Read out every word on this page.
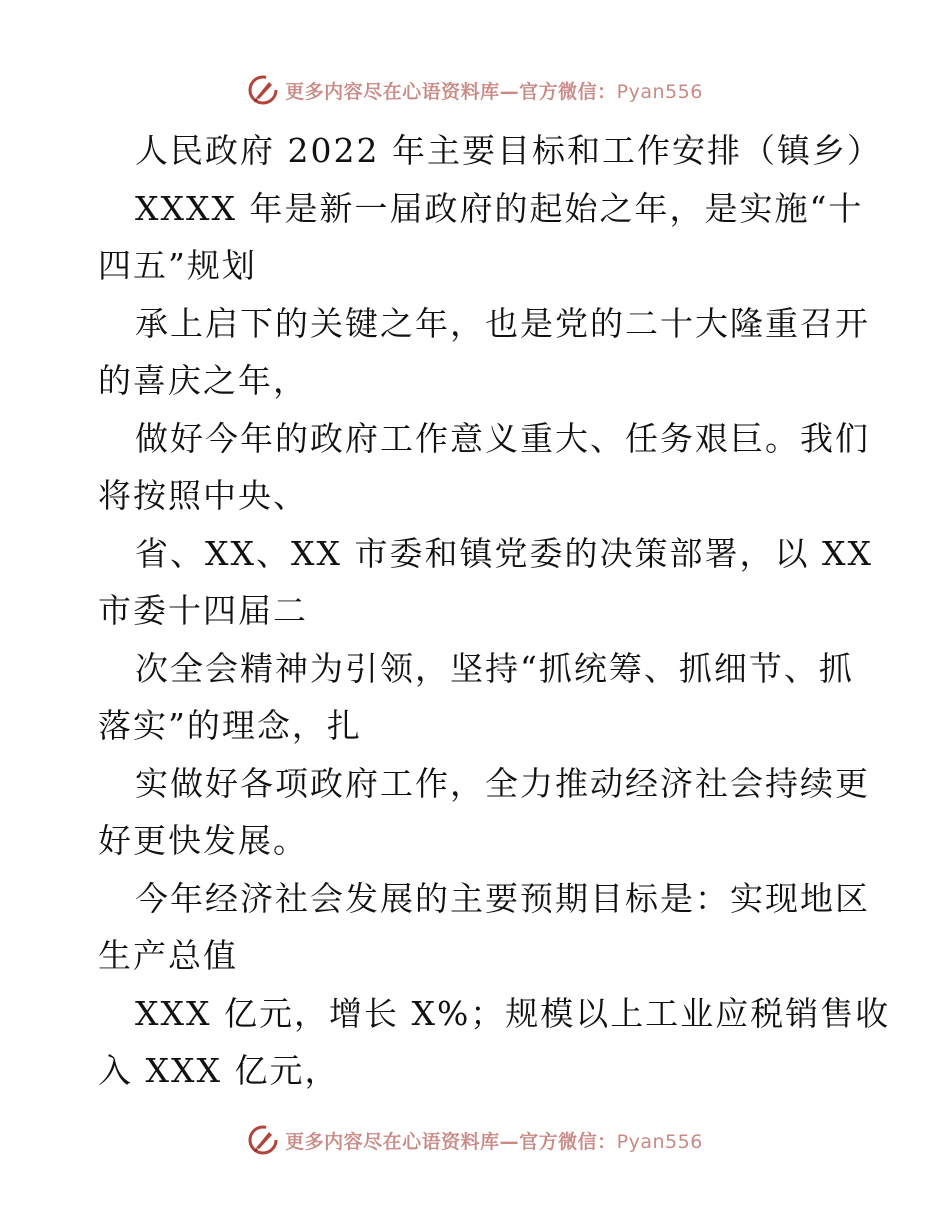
更多内容尽在心语资料库—官方微信：Pyan556
人民政府 2022 年主要目标和工作安排（镇乡）
XXXX 年是新一届政府的起始之年，是实施“十
四五”规划
承上启下的关键之年，也是党的二十大隆重召开
的喜庆之年，
做好今年的政府工作意义重大、任务艰巨。我们
将按照中央、
省、XX、XX 市委和镇党委的决策部署，以 XX
市委十四届二
次全会精神为引领，坚持“抓统筹、抓细节、抓
落实”的理念，扎
实做好各项政府工作，全力推动经济社会持续更
好更快发展。
今年经济社会发展的主要预期目标是：实现地区
生产总值
XXX 亿元，增长 X%；规模以上工业应税销售收
入 XXX 亿元，
更多内容尽在心语资料库—官方微信：Pyan556
